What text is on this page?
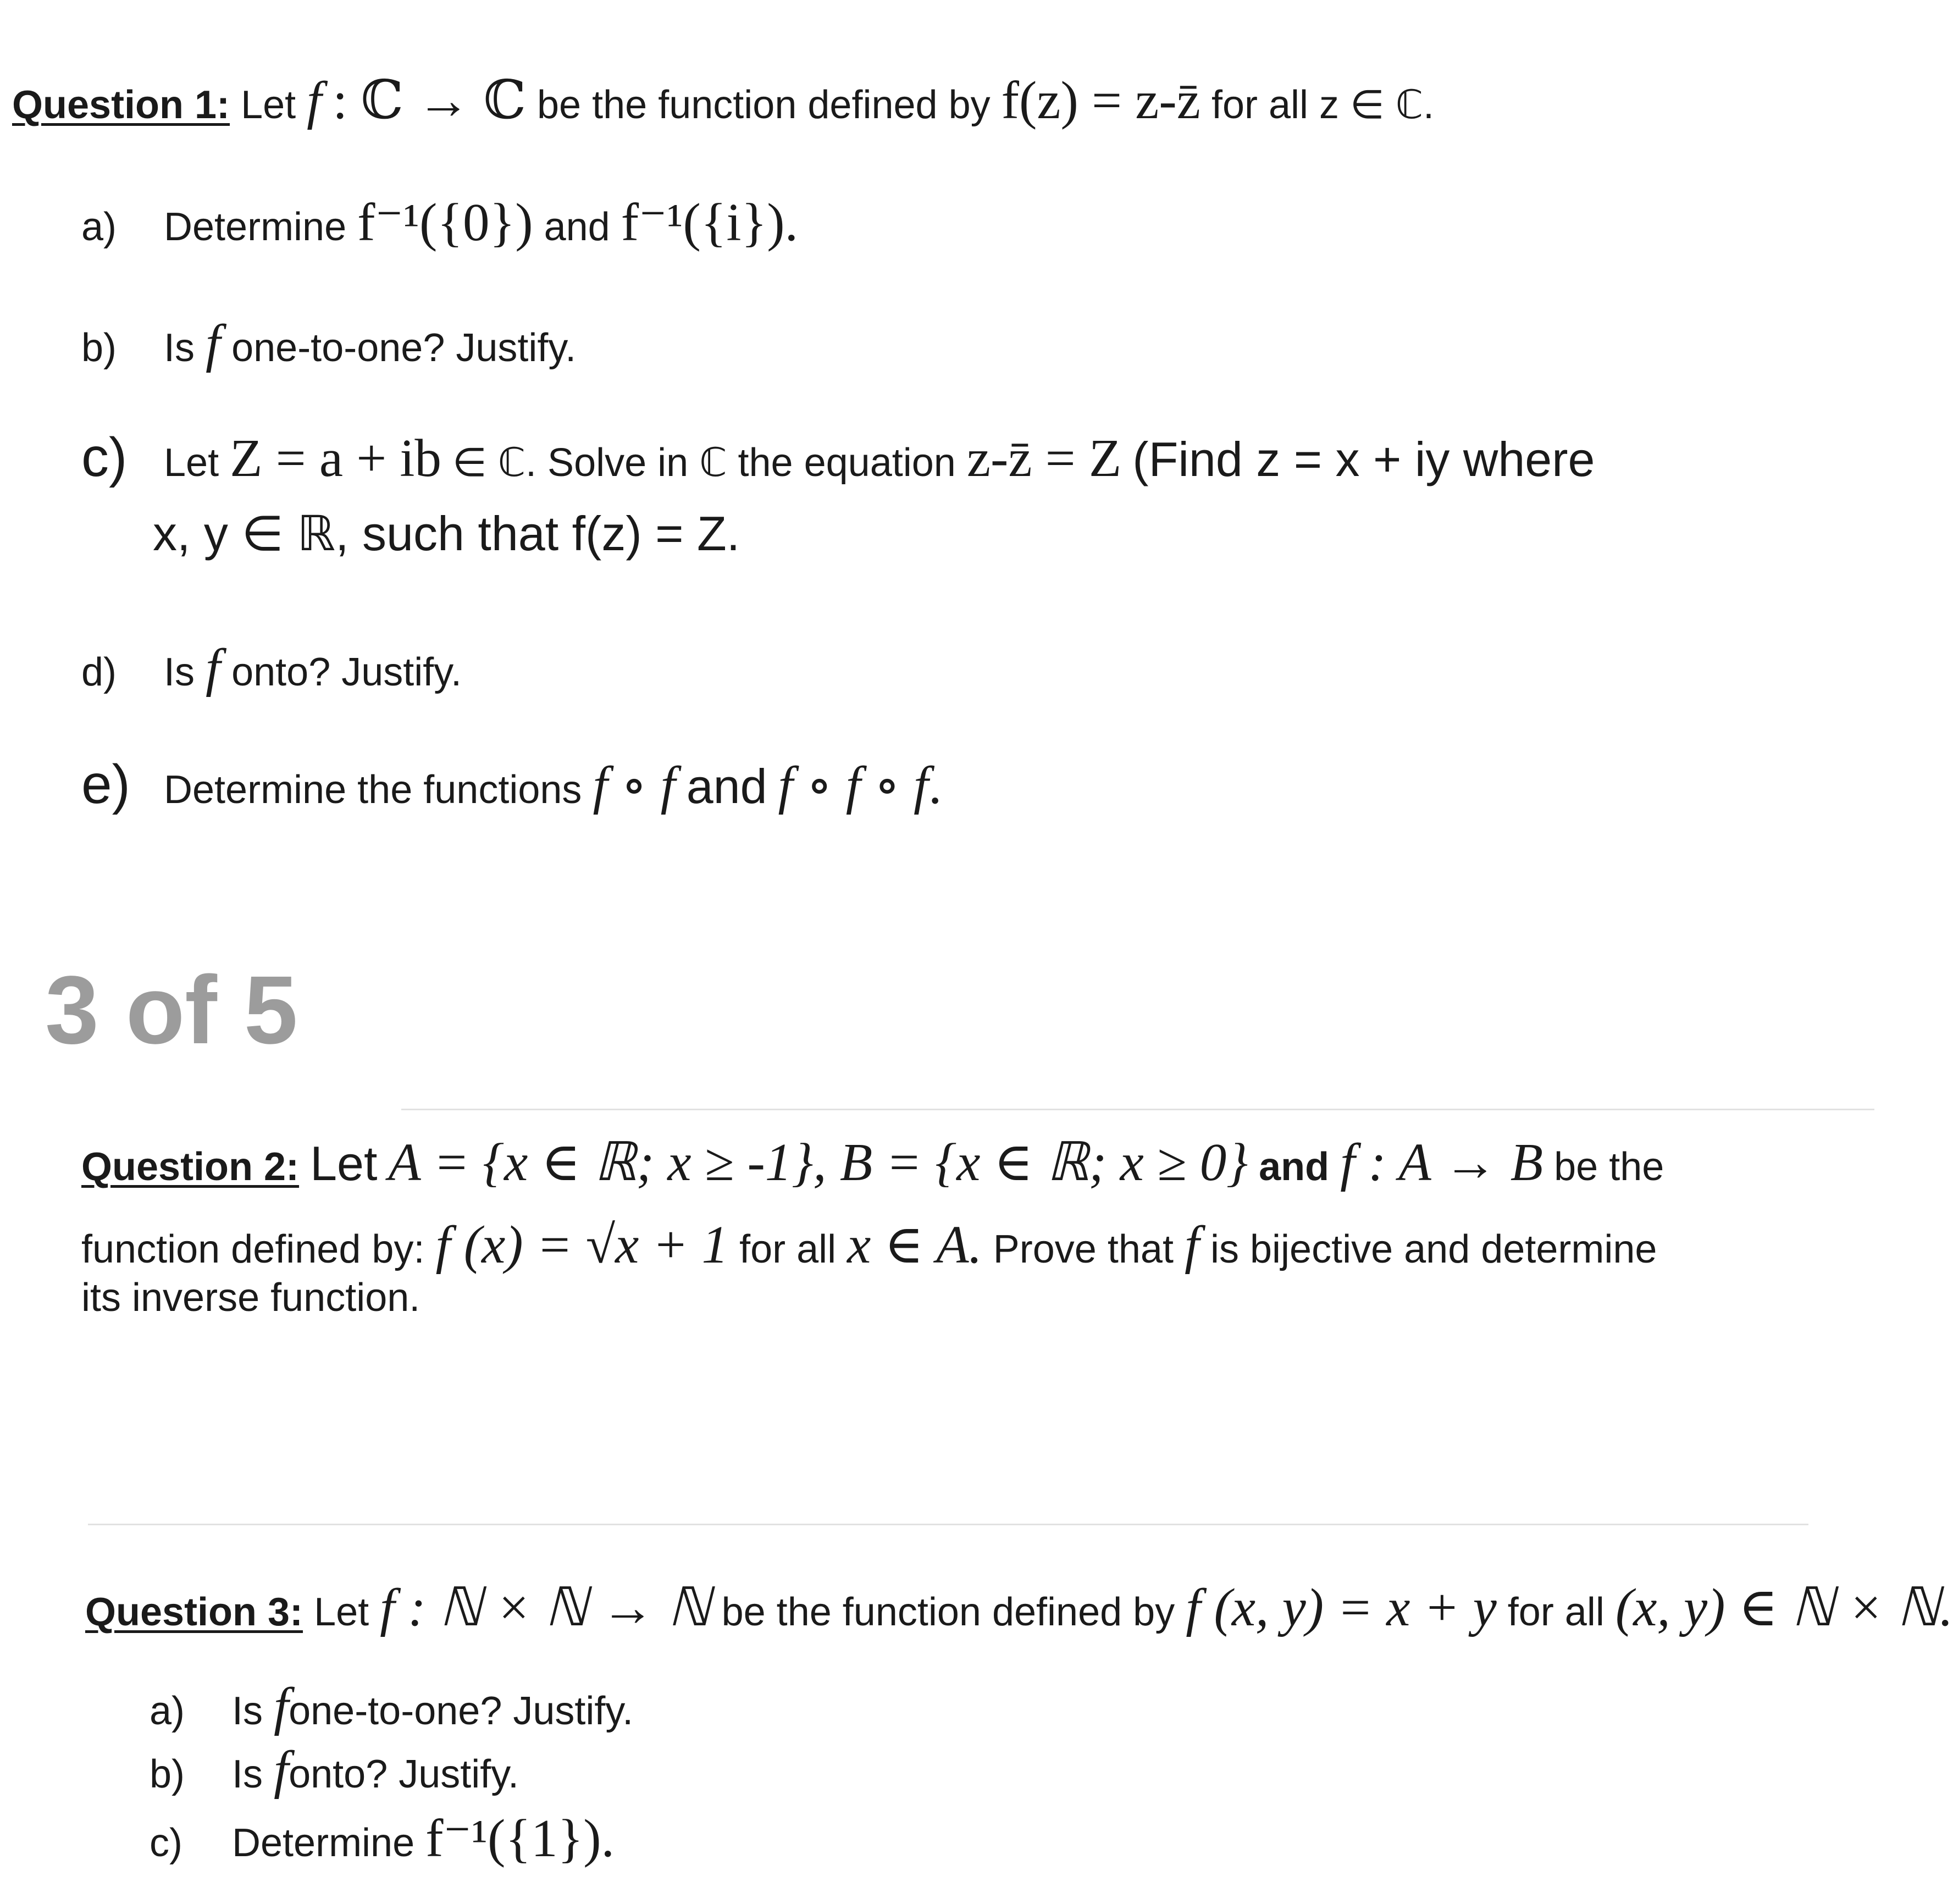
Question 1: Let f : ℂ → ℂ be the function defined by f(z) = z-z̄ for all z ∈ ℂ.
a) Determine f⁻¹({0}) and f⁻¹({i}).
b) Is f one-to-one? Justify.
c) Let Z = a + ib ∈ ℂ. Solve in ℂ the equation z-z̄ = Z (Find z = x + iy where
x, y ∈ ℝ, such that f(z) = Z.
d) Is f onto? Justify.
e) Determine the functions f ∘ f and f ∘ f ∘ f.
3 of 5
Question 2: Let A = {x ∈ ℝ; x ≥ -1}, B = {x ∈ ℝ; x ≥ 0} and f : A → B be the
function defined by: f (x) = √x + 1 for all x ∈ A. Prove that f is bijective and determine
its inverse function.
Question 3: Let f : ℕ × ℕ → ℕ be the function defined by f (x, y) = x + y for all (x, y) ∈ ℕ × ℕ.
a) Is fone-to-one? Justify.
b) Is fonto? Justify.
c) Determine f⁻¹({1}).
